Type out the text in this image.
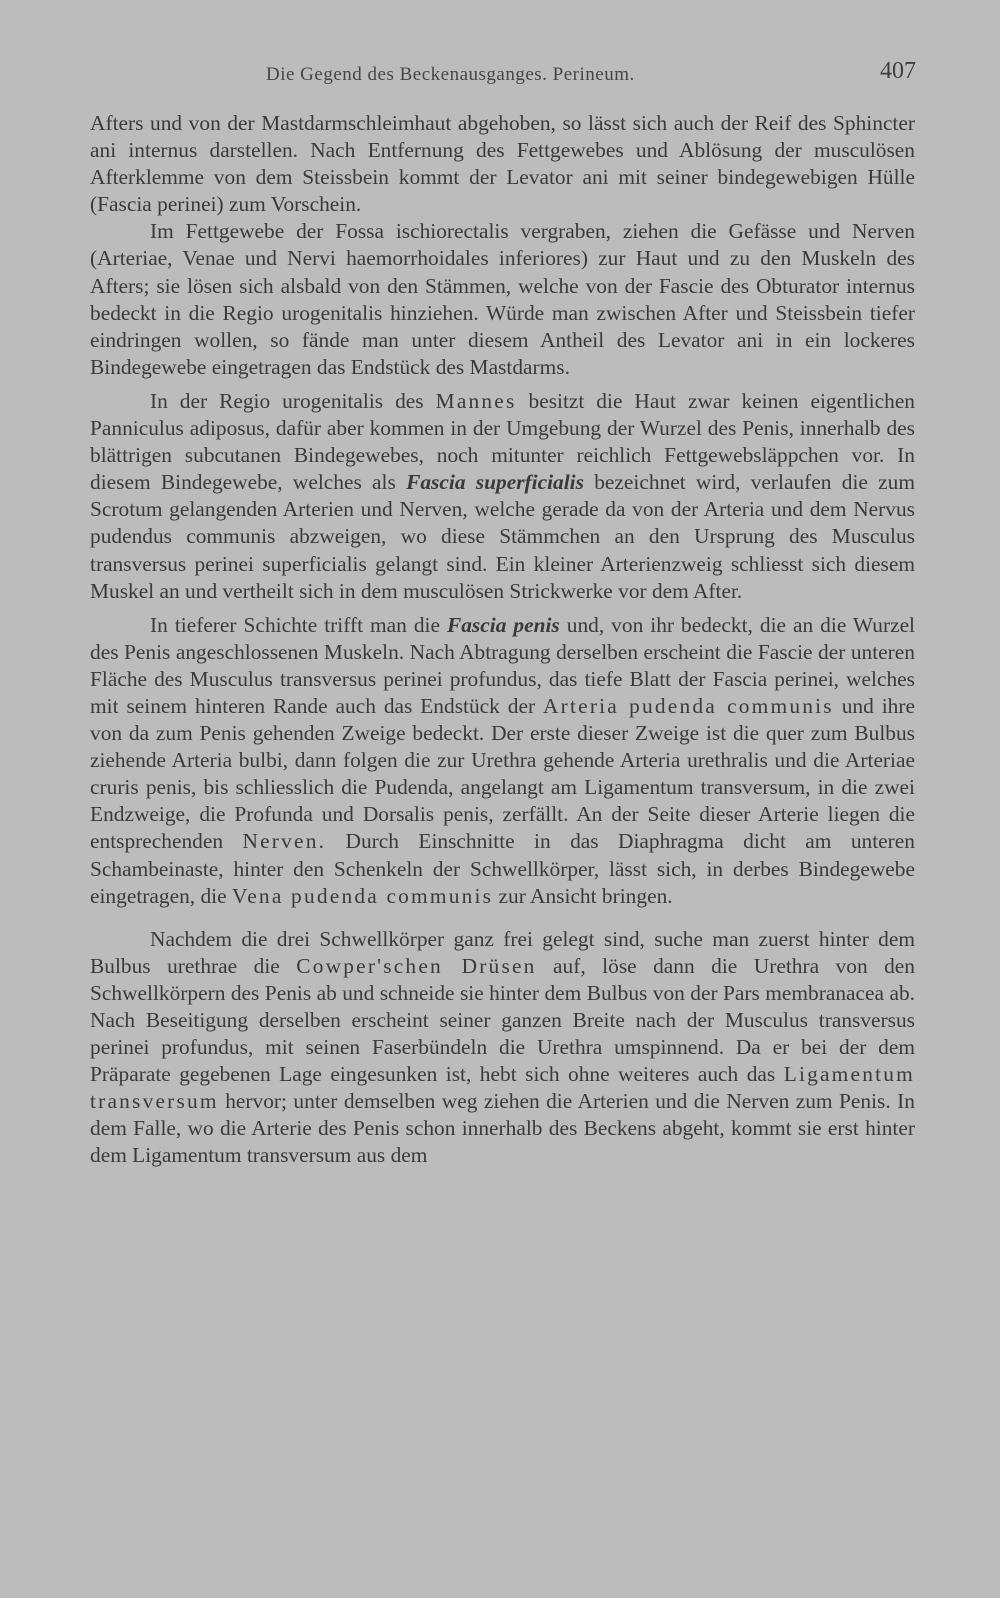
Die Gegend des Beckenausganges. Perineum.	407

Afters und von der Mastdarmschleimhaut abgehoben, so lässt sich auch der Reif des Sphincter ani internus darstellen. Nach Entfernung des Fettgewebes und Ablösung der musculösen Afterklemme von dem Steissbein kommt der Levator ani mit seiner bindegewebigen Hülle (Fascia perinei) zum Vorschein.

Im Fettgewebe der Fossa ischiorectalis vergraben, ziehen die Gefässe und Nerven (Arteriae, Venae und Nervi haemorrhoidales inferiores) zur Haut und zu den Muskeln des Afters; sie lösen sich alsbald von den Stämmen, welche von der Fascie des Obturator internus bedeckt in die Regio urogenitalis hinziehen. Würde man zwischen After und Steissbein tiefer eindringen wollen, so fände man unter diesem Antheil des Levator ani in ein lockeres Bindegewebe eingetragen das Endstück des Mastdarms.

In der Regio urogenitalis des Mannes besitzt die Haut zwar keinen eigentlichen Panniculus adiposus, dafür aber kommen in der Umgebung der Wurzel des Penis, innerhalb des blättrigen subcutanen Bindegewebes, noch mitunter reichlich Fettgewebsläppchen vor. In diesem Bindegewebe, welches als Fascia superficialis bezeichnet wird, verlaufen die zum Scrotum gelangenden Arterien und Nerven, welche gerade da von der Arteria und dem Nervus pudendus communis abzweigen, wo diese Stämmchen an den Ursprung des Musculus transversus perinei superficialis gelangt sind. Ein kleiner Arterienzweig schliesst sich diesem Muskel an und vertheilt sich in dem musculösen Strickwerke vor dem After.

In tieferer Schichte trifft man die Fascia penis und, von ihr bedeckt, die an die Wurzel des Penis angeschlossenen Muskeln. Nach Abtragung derselben erscheint die Fascie der unteren Fläche des Musculus transversus perinei profundus, das tiefe Blatt der Fascia perinei, welches mit seinem hinteren Rande auch das Endstück der Arteria pudenda communis und ihre von da zum Penis gehenden Zweige bedeckt. Der erste dieser Zweige ist die quer zum Bulbus ziehende Arteria bulbi, dann folgen die zur Urethra gehende Arteria urethralis und die Arteriae cruris penis, bis schliesslich die Pudenda, angelangt am Ligamentum transversum, in die zwei Endzweige, die Profunda und Dorsalis penis, zerfällt. An der Seite dieser Arterie liegen die entsprechenden Nerven. Durch Einschnitte in das Diaphragma dicht am unteren Schambeinaste, hinter den Schenkeln der Schwellkörper, lässt sich, in derbes Bindegewebe eingetragen, die Vena pudenda communis zur Ansicht bringen.

Nachdem die drei Schwellkörper ganz frei gelegt sind, suche man zuerst hinter dem Bulbus urethrae die Cowper'schen Drüsen auf, löse dann die Urethra von den Schwellkörpern des Penis ab und schneide sie hinter dem Bulbus von der Pars membranacea ab. Nach Beseitigung derselben erscheint seiner ganzen Breite nach der Musculus transversus perinei profundus, mit seinen Faserbündeln die Urethra umspinnend. Da er bei der dem Präparate gegebenen Lage eingesunken ist, hebt sich ohne weiteres auch das Ligamentum transversum hervor; unter demselben weg ziehen die Arterien und die Nerven zum Penis. In dem Falle, wo die Arterie des Penis schon innerhalb des Beckens abgeht, kommt sie erst hinter dem Ligamentum transversum aus dem
